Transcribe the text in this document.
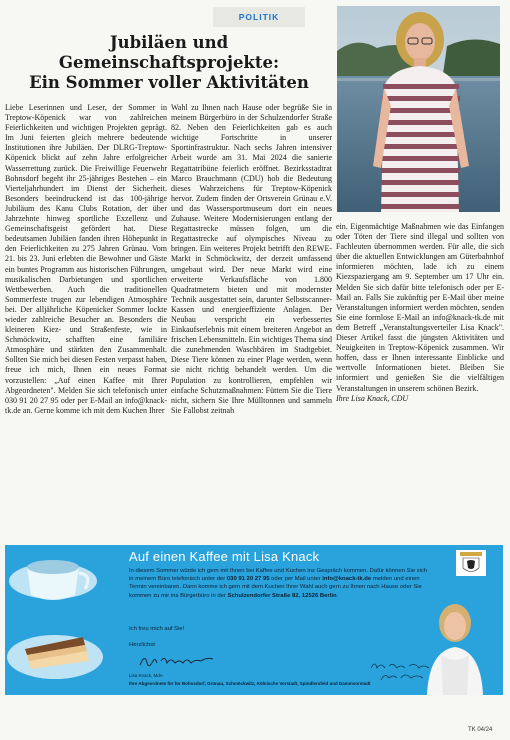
POLITIK
Jubiläen und Gemeinschaftsprojekte:
Ein Sommer voller Aktivitäten

Liebe Leserinnen und Leser, der Sommer in Treptow-Köpenick war von zahlreichen Feierlichkeiten und wichtigen Projekten geprägt. Im Juni feierten gleich mehrere bedeutende Institutionen ihre Jubiläen. Der DLRG-Treptow-Köpenick blickt auf zehn Jahre erfolgreicher Wasserrettung zurück. Die Freiwillige Feuerwehr Bohnsdorf begeht ihr 25-jähriges Bestehen – ein Vierteljahrhundert im Dienst der Sicherheit. Besonders beeindruckend ist das 100-jährige Jubiläum des Kanu Clubs Rotation, der über Jahrzehnte hinweg sportliche Exzellenz und Gemeinschaftsgeist gefördert hat. Diese bedeutsamen Jubiläen fanden ihren Höhepunkt in den Feierlichkeiten zu 275 Jahren Grünau. Vom 21. bis 23. Juni erlebten die Bewohner und Gäste ein buntes Programm aus historischen Führungen, musikalischen Darbietungen und sportlichen Wettbewerben. Auch die traditionellen Sommerfeste trugen zur lebendigen Atmosphäre bei. Der alljährliche Köpenicker Sommer lockte wieder zahlreiche Besucher an. Besonders die kleineren Kiez- und Straßenfeste, wie in Schmöckwitz, schafften eine familiäre Atmosphäre und stärkten den Zusammenhalt. Sollten Sie mich bei diesen Festen verpasst haben, freue ich mich, Ihnen ein neues Format vorzustellen: „Auf einen Kaffee mit Ihrer Abgeordneten". Melden Sie sich telefonisch unter 030 91 20 27 95 oder per E-Mail an info@knack-tk.de an. Gerne komme ich mit dem Kuchen Ihrer

Wahl zu Ihnen nach Hause oder begrüße Sie in meinem Bürgerbüro in der Schulzendorfer Straße 82. Neben den Feierlichkeiten gab es auch wichtige Fortschritte in unserer Sportinfrastruktur. Nach sechs Jahren intensiver Arbeit wurde am 31. Mai 2024 die sanierte Regattatribüne feierlich eröffnet. Bezirksstadtrat Marco Brauchmann (CDU) hob die Bedeutung dieses Wahrzeichens für Treptow-Köpenick hervor. Zudem finden der Ortsverein Grünau e.V. und das Wassersportmuseum dort ein neues Zuhause. Weitere Modernisierungen entlang der Regattastrecke müssen folgen, um die Regattastrecke auf olympisches Niveau zu bringen. Ein weiteres Projekt betrifft den REWE-Markt in Schmöckwitz, der derzeit umfassend umgebaut wird. Der neue Markt wird eine erweiterte Verkaufsfläche von 1.800 Quadratmetern bieten und mit modernster Technik ausgestattet sein, darunter Selbstscanner-Kassen und energieeffiziente Anlagen. Der Neubau verspricht ein verbessertes Einkaufserlebnis mit einem breiteren Angebot an frischen Lebensmitteln. Ein wichtiges Thema sind die zunehmenden Waschbären im Stadtgebiet. Diese Tiere können zu einer Plage werden, wenn sie nicht richtig behandelt werden. Um die Population zu kontrollieren, empfehlen wir einfache Schutzmaßnahmen: Füttern Sie die Tiere nicht, sichern Sie Ihre Mülltonnen und sammeln Sie Fallobst zeitnah

ein. Eigenmächtige Maßnahmen wie das Einfangen oder Töten der Tiere sind illegal und sollten von Fachleuten übernommen werden. Für alle, die sich über die aktuellen Entwicklungen am Güterbahnhof informieren möchten, lade ich zu einem Kiezspaziergang am 9. September um 17 Uhr ein. Melden Sie sich dafür bitte telefonisch oder per E-Mail an. Falls Sie zukünftig per E-Mail über meine Veranstaltungen informiert werden möchten, senden Sie eine formlose E-Mail an info@knack-tk.de mit dem Betreff „Veranstaltungsverteiler Lisa Knack". Dieser Artikel fasst die jüngsten Aktivitäten und Neuigkeiten in Treptow-Köpenick zusammen. Wir hoffen, dass er Ihnen interessante Einblicke und wertvolle Informationen bietet. Bleiben Sie informiert und genießen Sie die vielfältigen Veranstaltungen in unserem schönen Bezirk.

Ihre Lisa Knack, CDU

Auf einen Kaffee mit Lisa Knack
In diesem Sommer würde ich gern mit Ihnen bei Kaffee und Kuchen ins Gespräch kommen. Dafür können Sie sich in meinem Büro telefonisch unter der 030 91 20 27 95 oder per Mail unter info@knack-tk.de melden und einen Termin vereinbaren. Dann komme ich gern mit dem Kuchen Ihrer Wahl auch gern zu Ihnen nach Hause oder Sie kommen zu mir ins Bürgerbüro in der Schulzendorfer Straße 82, 12526 Berlin.
Ich freu mich auf Sie!
Herzlichst
Lisa Knack, MdA
Ihre Abgeordnete für für Bohnsdorf, Grünau, Schmöckwitz, Kölnische Vorstadt, Spindlersfeld und Dammvorstadt
TK 04/24
